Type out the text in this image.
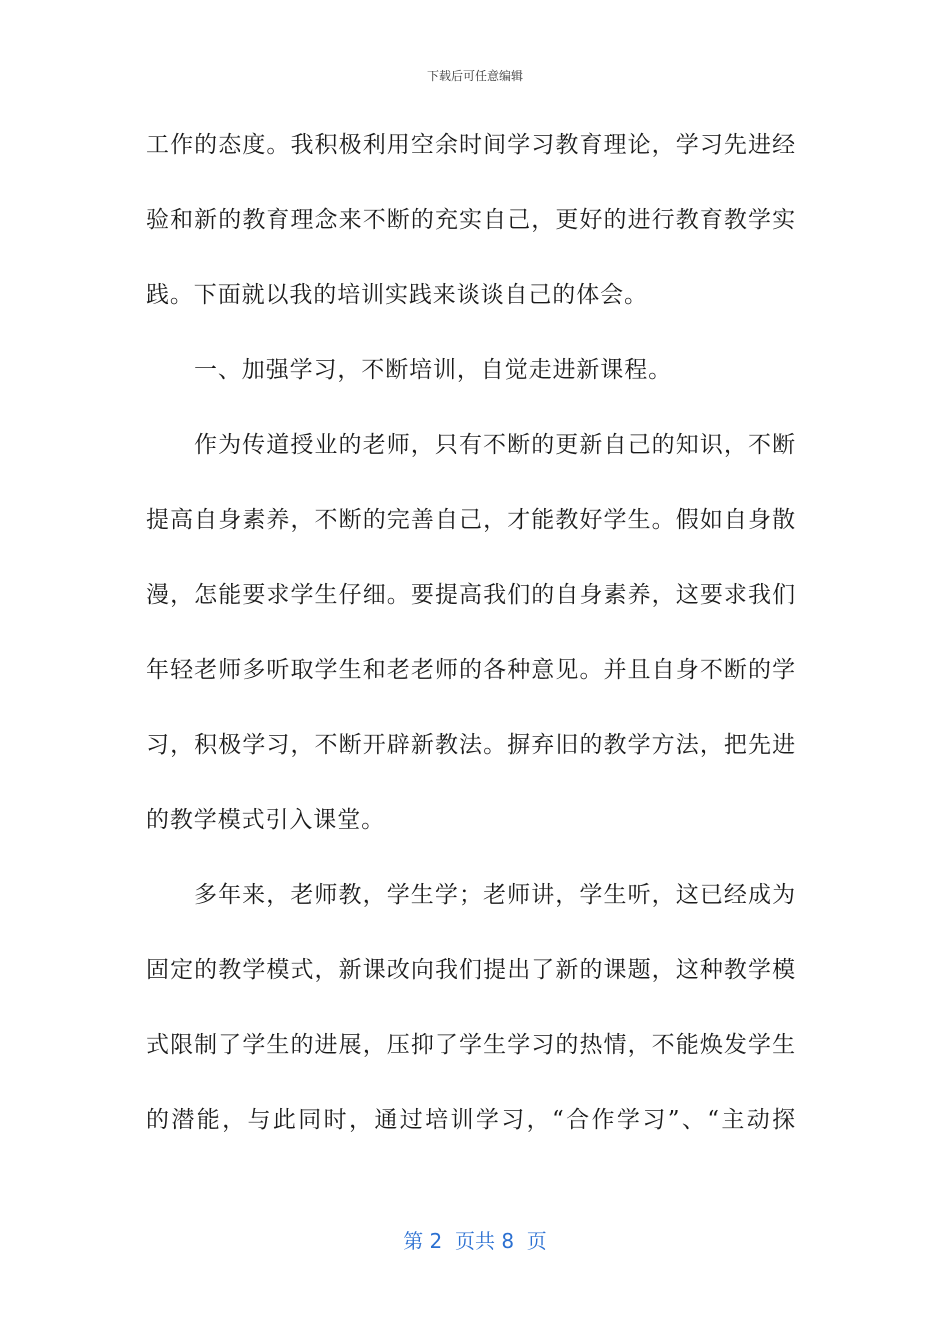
下载后可任意编辑
工作的态度。我积极利用空余时间学习教育理论，学习先进经
验和新的教育理念来不断的充实自己，更好的进行教育教学实
践。下面就以我的培训实践来谈谈自己的体会。
一、加强学习，不断培训，自觉走进新课程。
作为传道授业的老师，只有不断的更新自己的知识，不断
提高自身素养，不断的完善自己，才能教好学生。假如自身散
漫，怎能要求学生仔细。要提高我们的自身素养，这要求我们
年轻老师多听取学生和老老师的各种意见。并且自身不断的学
习，积极学习，不断开辟新教法。摒弃旧的教学方法，把先进
的教学模式引入课堂。
多年来，老师教，学生学；老师讲，学生听，这已经成为
固定的教学模式，新课改向我们提出了新的课题，这种教学模
式限制了学生的进展，压抑了学生学习的热情，不能焕发学生
的潜能，与此同时，通过培训学习，“合作学习”、“主动探
第 2  页共 8  页
